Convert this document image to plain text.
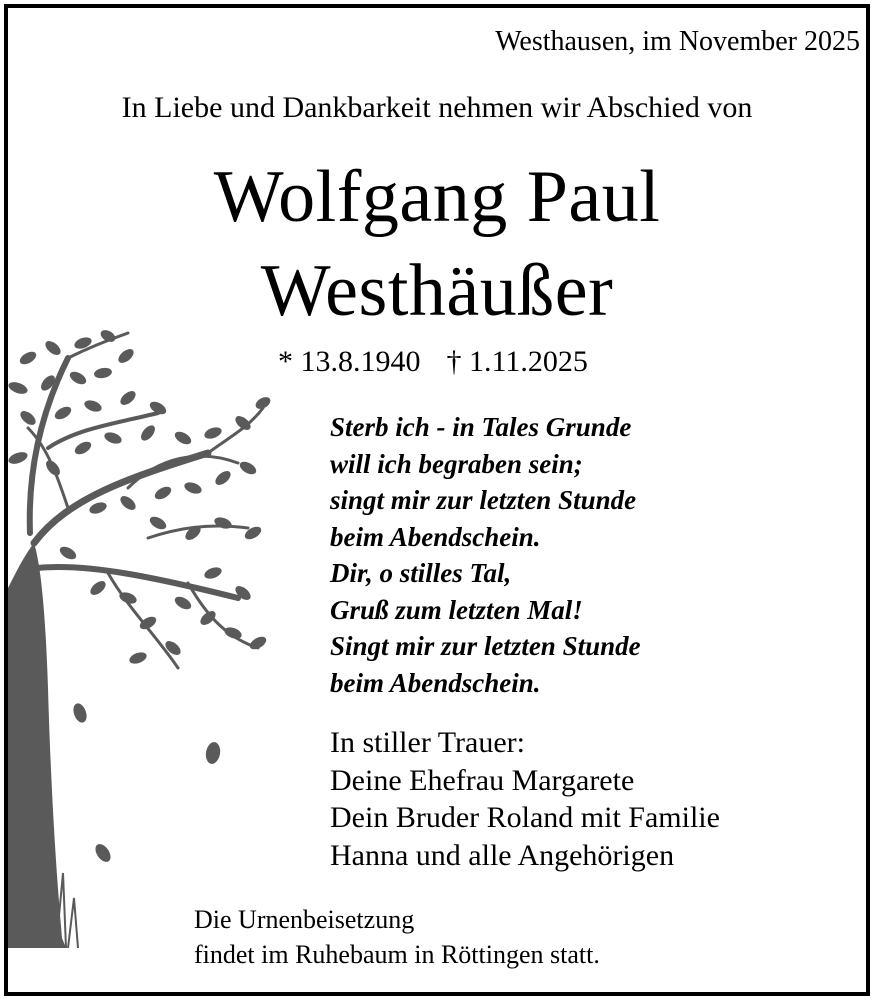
Westhausen, im November 2025
In Liebe und Dankbarkeit nehmen wir Abschied von
Wolfgang Paul
Westhäußer
* 13.8.1940 † 1.11.2025
Sterb ich - in Tales Grunde
will ich begraben sein;
singt mir zur letzten Stunde
beim Abendschein.
Dir, o stilles Tal,
Gruß zum letzten Mal!
Singt mir zur letzten Stunde
beim Abendschein.
In stiller Trauer:
Deine Ehefrau Margarete
Dein Bruder Roland mit Familie
Hanna und alle Angehörigen
Die Urnenbeisetzung
findet im Ruhebaum in Röttingen statt.
